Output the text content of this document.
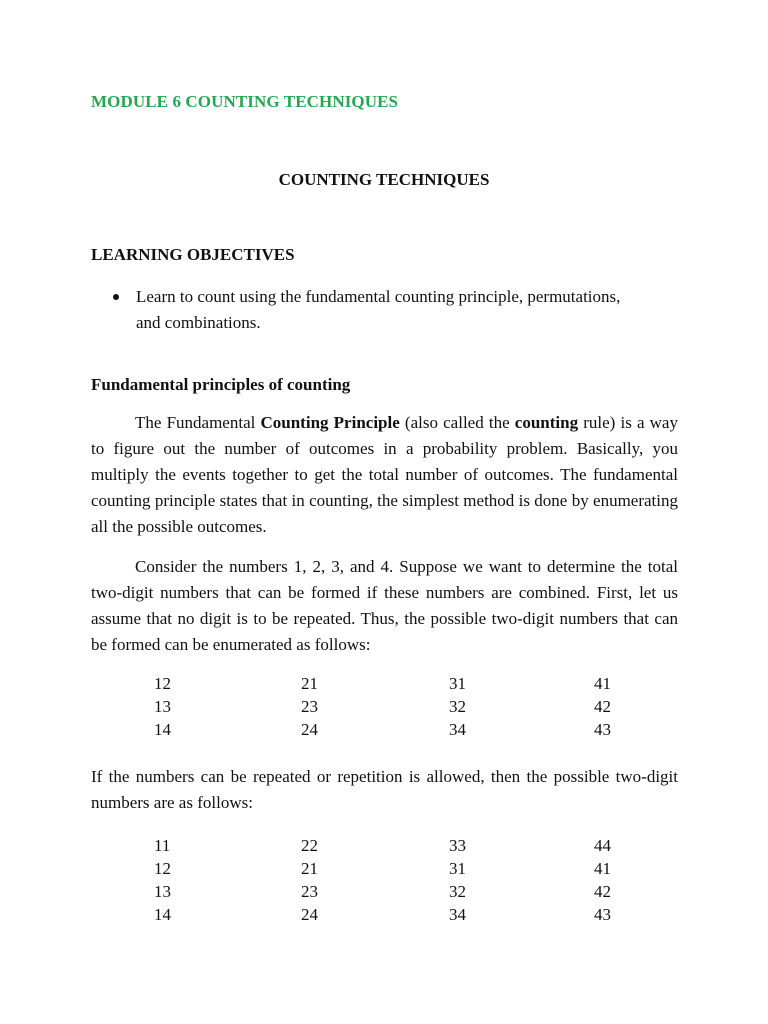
MODULE 6 COUNTING TECHNIQUES
COUNTING TECHNIQUES
LEARNING OBJECTIVES
Learn to count using the fundamental counting principle, permutations, and combinations.
Fundamental principles of counting

The Fundamental Counting Principle (also called the counting rule) is a way to figure out the number of outcomes in a probability problem. Basically, you multiply the events together to get the total number of outcomes. The fundamental counting principle states that in counting, the simplest method is done by enumerating all the possible outcomes.

Consider the numbers 1, 2, 3, and 4. Suppose we want to determine the total two-digit numbers that can be formed if these numbers are combined. First, let us assume that no digit is to be repeated. Thus, the possible two-digit numbers that can be formed can be enumerated as follows:

12	21	31	41
13	23	32	42
14	24	34	43

If the numbers can be repeated or repetition is allowed, then the possible two-digit numbers are as follows:

11	22	33	44
12	21	31	41
13	23	32	42
14	24	34	43
